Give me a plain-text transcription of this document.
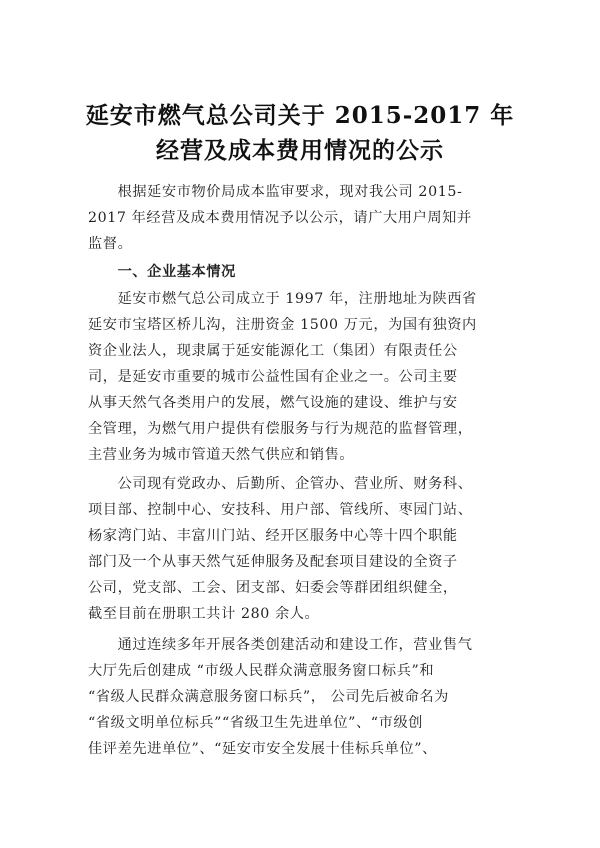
延安市燃气总公司关于 2015-2017 年
经营及成本费用情况的公示
　　根据延安市物价局成本监审要求，现对我公司 2015-
2017 年经营及成本费用情况予以公示，请广大用户周知并
监督。
　　一、企业基本情况
　　延安市燃气总公司成立于 1997 年，注册地址为陕西省
延安市宝塔区桥儿沟，注册资金 1500 万元，为国有独资内
资企业法人，现隶属于延安能源化工（集团）有限责任公
司，是延安市重要的城市公益性国有企业之一。公司主要
从事天然气各类用户的发展，燃气设施的建设、维护与安
全管理，为燃气用户提供有偿服务与行为规范的监督管理，
主营业务为城市管道天然气供应和销售。
　　公司现有党政办、后勤所、企管办、营业所、财务科、
项目部、控制中心、安技科、用户部、管线所、枣园门站、
杨家湾门站、丰富川门站、经开区服务中心等十四个职能
部门及一个从事天然气延伸服务及配套项目建设的全资子
公司，党支部、工会、团支部、妇委会等群团组织健全，
截至目前在册职工共计 280 余人。
　　通过连续多年开展各类创建活动和建设工作，营业售气
大厅先后创建成 “市级人民群众满意服务窗口标兵”和
“省级人民群众满意服务窗口标兵”， 公司先后被命名为
“省级文明单位标兵”“省级卫生先进单位”、“市级创
佳评差先进单位”、“延安市安全发展十佳标兵单位”、
